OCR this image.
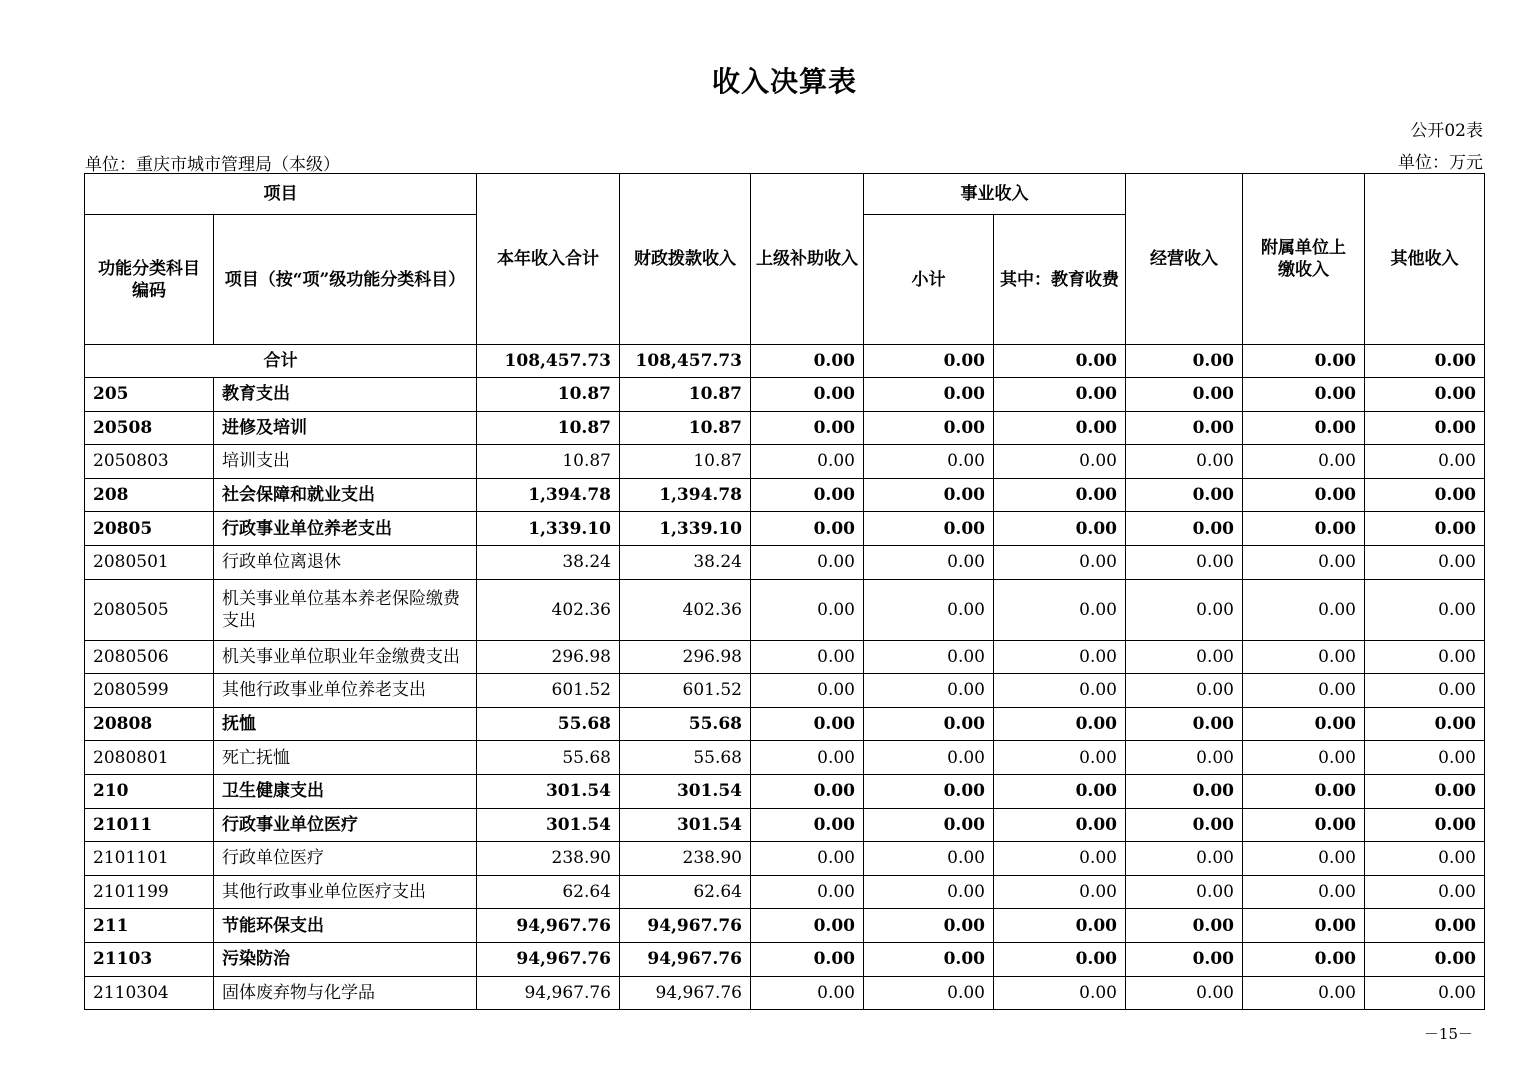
收入决算表
公开02表
单位：重庆市城市管理局（本级）	单位：万元
项目		本年收入合计	财政拨款收入	上级补助收入	事业收入		经营收入	附属单位上缴收入	其他收入
功能分类科目编码	项目（按“项”级功能分类科目）				小计	其中：教育收费			
合计		108,457.73	108,457.73	0.00	0.00	0.00	0.00	0.00	0.00
205	教育支出	10.87	10.87	0.00	0.00	0.00	0.00	0.00	0.00
20508	进修及培训	10.87	10.87	0.00	0.00	0.00	0.00	0.00	0.00
2050803	培训支出	10.87	10.87	0.00	0.00	0.00	0.00	0.00	0.00
208	社会保障和就业支出	1,394.78	1,394.78	0.00	0.00	0.00	0.00	0.00	0.00
20805	行政事业单位养老支出	1,339.10	1,339.10	0.00	0.00	0.00	0.00	0.00	0.00
2080501	行政单位离退休	38.24	38.24	0.00	0.00	0.00	0.00	0.00	0.00
2080505	机关事业单位基本养老保险缴费支出	402.36	402.36	0.00	0.00	0.00	0.00	0.00	0.00
2080506	机关事业单位职业年金缴费支出	296.98	296.98	0.00	0.00	0.00	0.00	0.00	0.00
2080599	其他行政事业单位养老支出	601.52	601.52	0.00	0.00	0.00	0.00	0.00	0.00
20808	抚恤	55.68	55.68	0.00	0.00	0.00	0.00	0.00	0.00
2080801	死亡抚恤	55.68	55.68	0.00	0.00	0.00	0.00	0.00	0.00
210	卫生健康支出	301.54	301.54	0.00	0.00	0.00	0.00	0.00	0.00
21011	行政事业单位医疗	301.54	301.54	0.00	0.00	0.00	0.00	0.00	0.00
2101101	行政单位医疗	238.90	238.90	0.00	0.00	0.00	0.00	0.00	0.00
2101199	其他行政事业单位医疗支出	62.64	62.64	0.00	0.00	0.00	0.00	0.00	0.00
211	节能环保支出	94,967.76	94,967.76	0.00	0.00	0.00	0.00	0.00	0.00
21103	污染防治	94,967.76	94,967.76	0.00	0.00	0.00	0.00	0.00	0.00
2110304	固体废弃物与化学品	94,967.76	94,967.76	0.00	0.00	0.00	0.00	0.00	0.00
－15－
